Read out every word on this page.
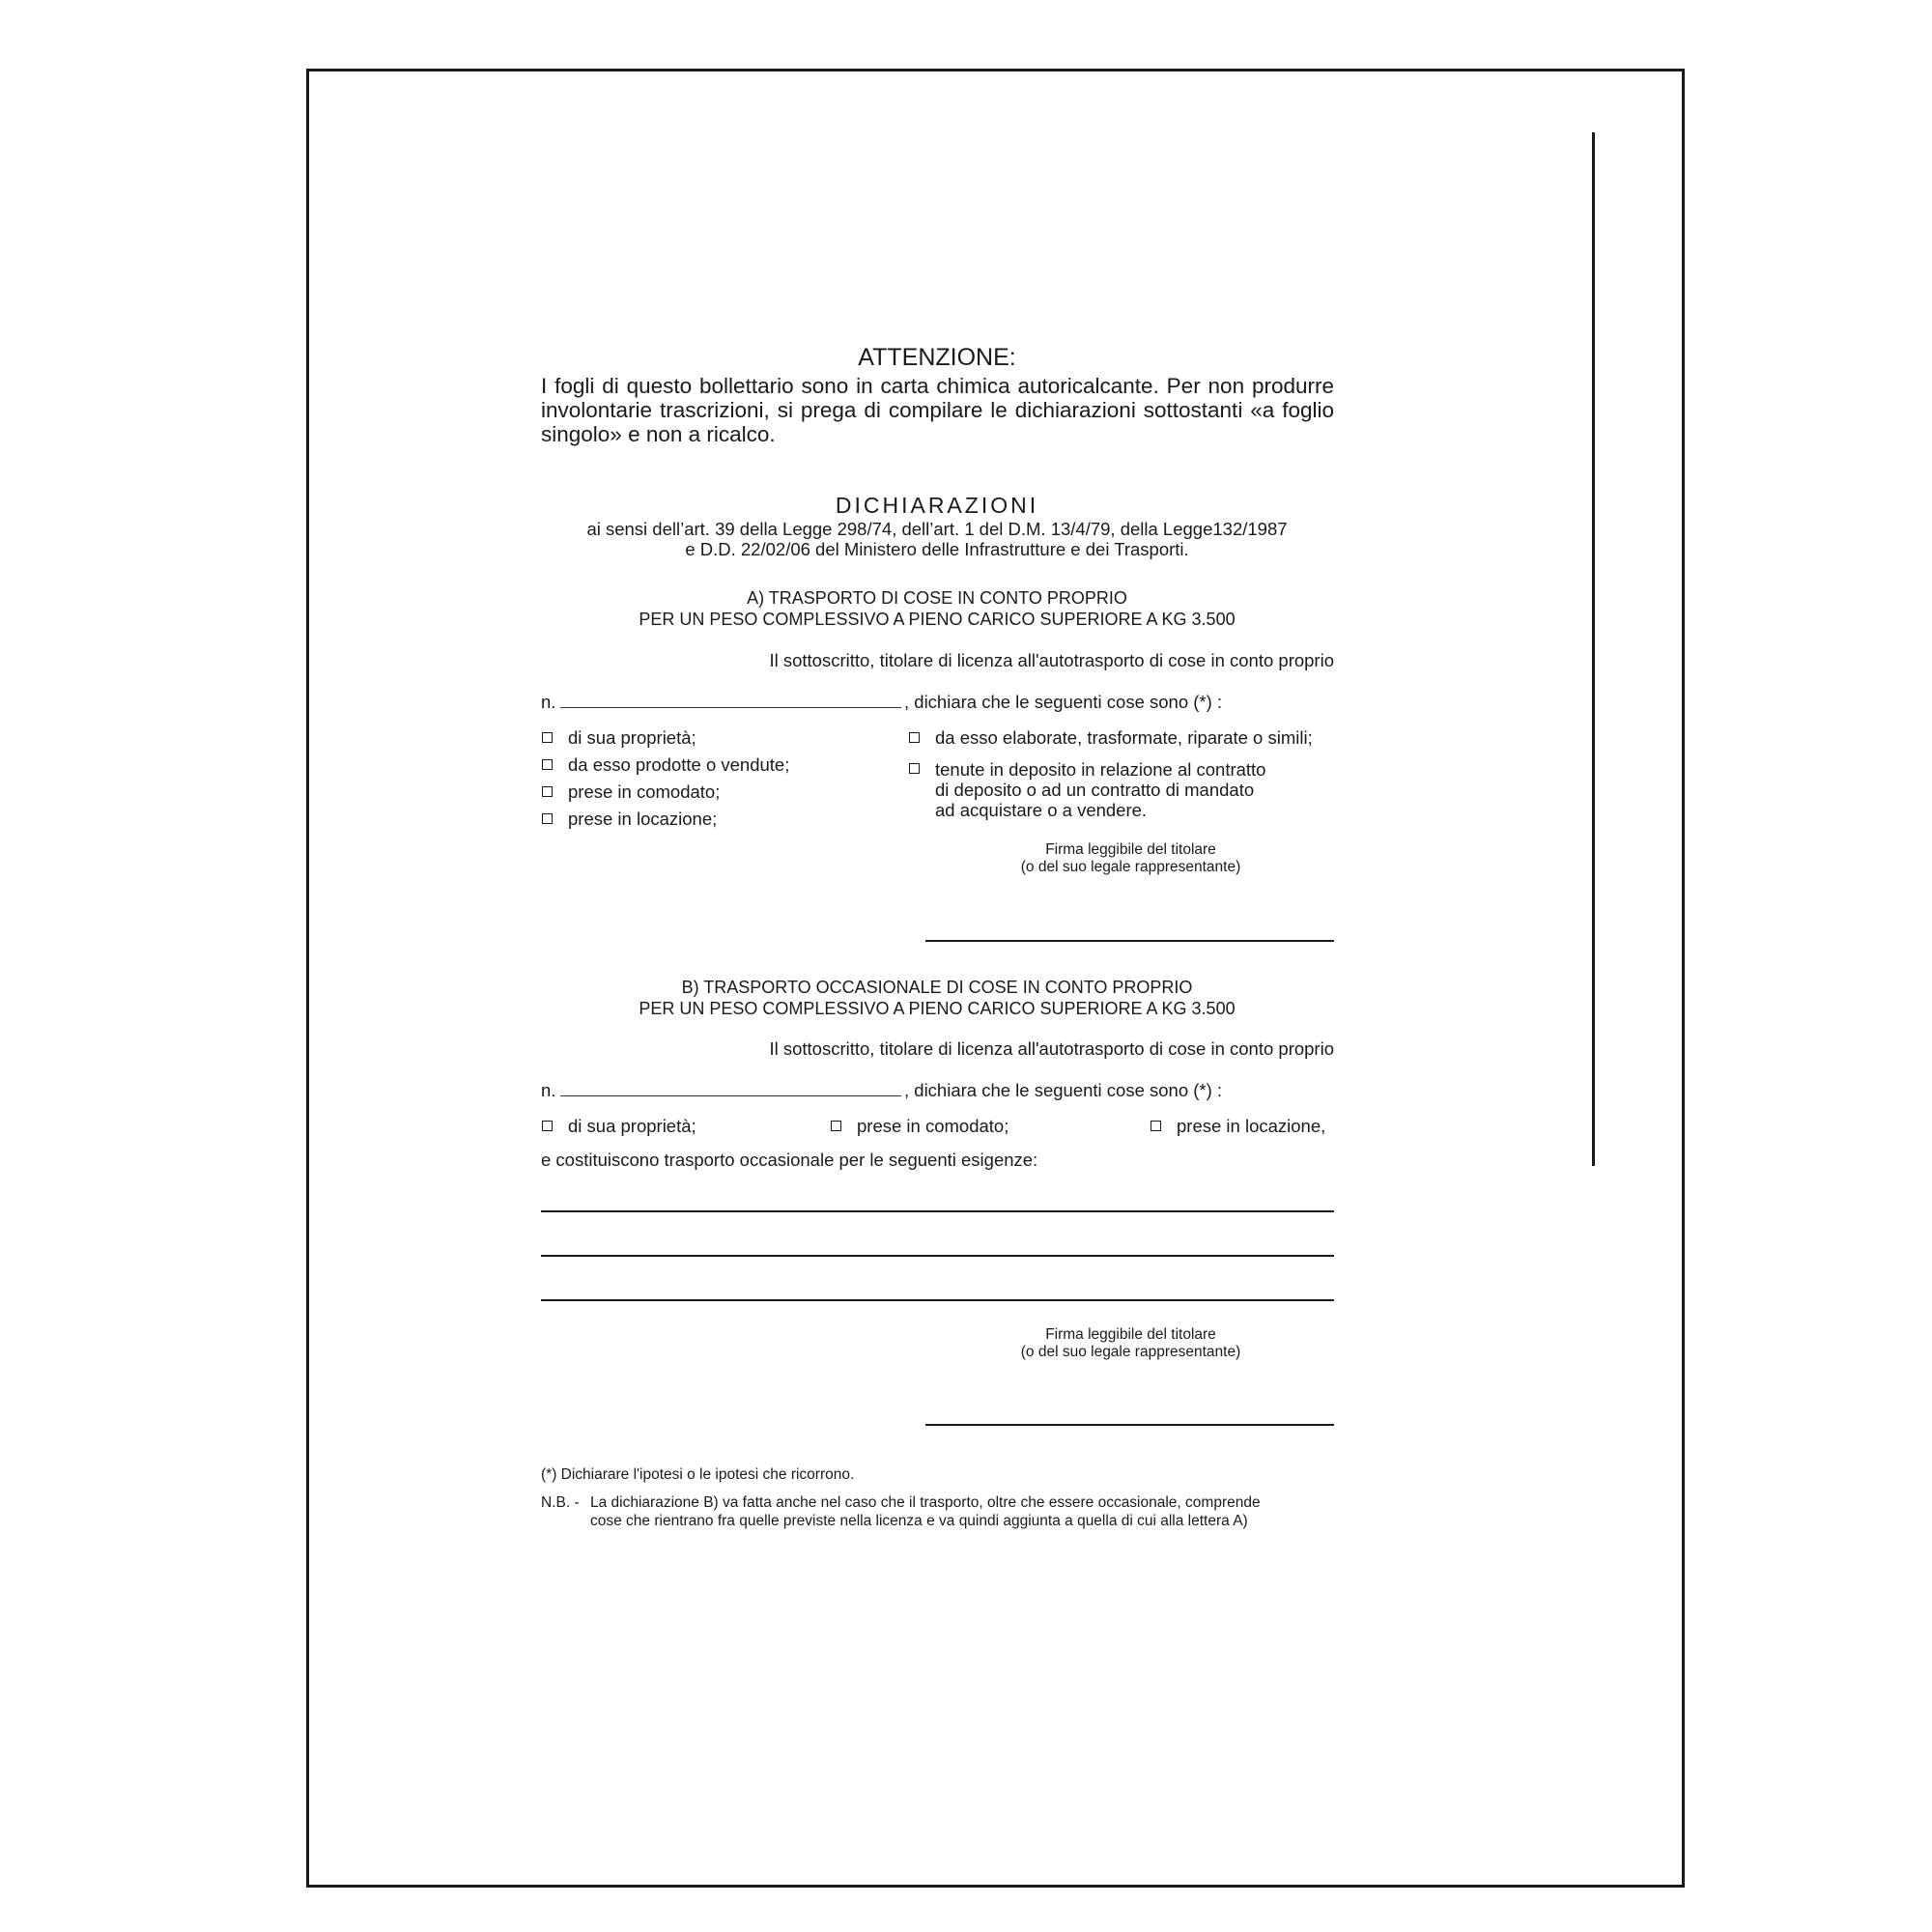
ATTENZIONE:
I fogli di questo bollettario sono in carta chimica autoricalcante. Per non produrre
involontarie trascrizioni, si prega di compilare le dichiarazioni sottostanti «a foglio
singolo» e non a ricalco.
DICHIARAZIONI
ai sensi dell’art. 39 della Legge 298/74, dell’art. 1 del D.M. 13/4/79, della Legge132/1987
e D.D. 22/02/06 del Ministero delle Infrastrutture e dei Trasporti.
A) TRASPORTO DI COSE IN CONTO PROPRIO
PER UN PESO COMPLESSIVO A PIENO CARICO SUPERIORE A KG 3.500
Il sottoscritto, titolare di licenza all'autotrasporto di cose in conto proprio
n.	, dichiara che le seguenti cose sono (*) :
di sua proprietà;
da esso prodotte o vendute;
prese in comodato;
prese in locazione;
da esso elaborate, trasformate, riparate o simili;
tenute in deposito in relazione al contratto
di deposito o ad un contratto di mandato
ad acquistare o a vendere.
Firma leggibile del titolare
(o del suo legale rappresentante)
B) TRASPORTO OCCASIONALE DI COSE IN CONTO PROPRIO
PER UN PESO COMPLESSIVO A PIENO CARICO SUPERIORE A KG 3.500
Il sottoscritto, titolare di licenza all'autotrasporto di cose in conto proprio
n.	, dichiara che le seguenti cose sono (*) :
di sua proprietà;	prese in comodato;	prese in locazione,
e costituiscono trasporto occasionale per le seguenti esigenze:
Firma leggibile del titolare
(o del suo legale rappresentante)
(*) Dichiarare l'ipotesi o le ipotesi che ricorrono.
N.B. - La dichiarazione B) va fatta anche nel caso che il trasporto, oltre che essere occasionale, comprende
cose che rientrano fra quelle previste nella licenza e va quindi aggiunta a quella di cui alla lettera A)
